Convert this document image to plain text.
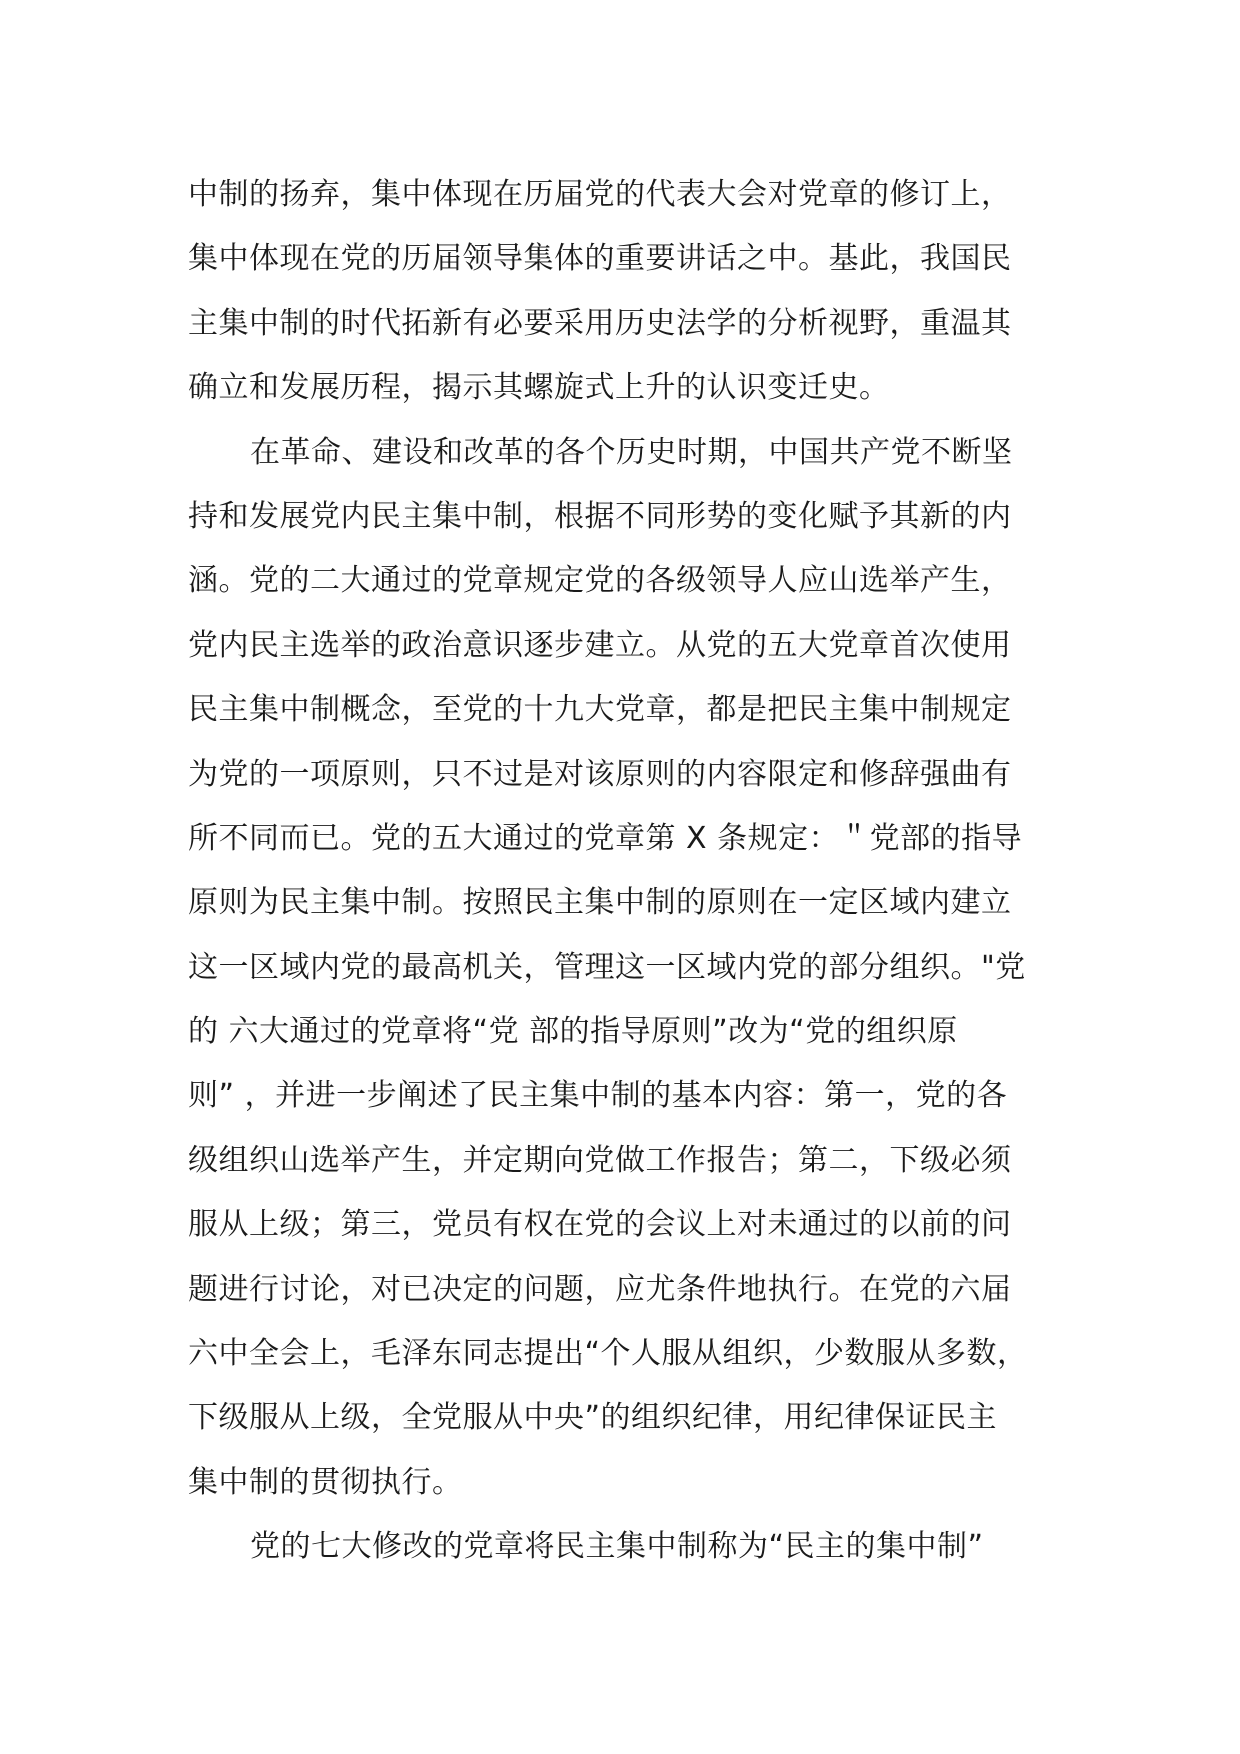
中制的扬弃，集中体现在历届党的代表大会对党章的修订上，
集中体现在党的历届领导集体的重要讲话之中。基此，我国民
主集中制的时代拓新有必要采用历史法学的分析视野，重温其
确立和发展历程，揭示其螺旋式上升的认识变迁史。
在革命、建设和改革的各个历史时期，中国共产党不断坚
持和发展党内民主集中制，根据不同形势的变化赋予其新的内
涵。党的二大通过的党章规定党的各级领导人应山选举产生，
党内民主选举的政治意识逐步建立。从党的五大党章首次使用
民主集中制概念，至党的十九大党章，都是把民主集中制规定
为党的一项原则，只不过是对该原则的内容限定和修辞强曲有
所不同而已。党的五大通过的党章第 X 条规定：＂党部的指导
原则为民主集中制。按照民主集中制的原则在一定区域内建立
这一区域内党的最高机关，管理这一区域内党的部分组织。"党
的 六大通过的党章将“党 部的指导原则”改为“党的组织原
则” ，并进一步阐述了民主集中制的基本内容：第一，党的各
级组织山选举产生，并定期向党做工作报告；第二，下级必须
服从上级；第三，党员有权在党的会议上对未通过的以前的问
题进行讨论，对已决定的问题，应尤条件地执行。在党的六届
六中全会上，毛泽东同志提出“个人服从组织，少数服从多数，
下级服从上级，全党服从中央”的组织纪律，用纪律保证民主
集中制的贯彻执行。
党的七大修改的党章将民主集中制称为“民主的集中制”
